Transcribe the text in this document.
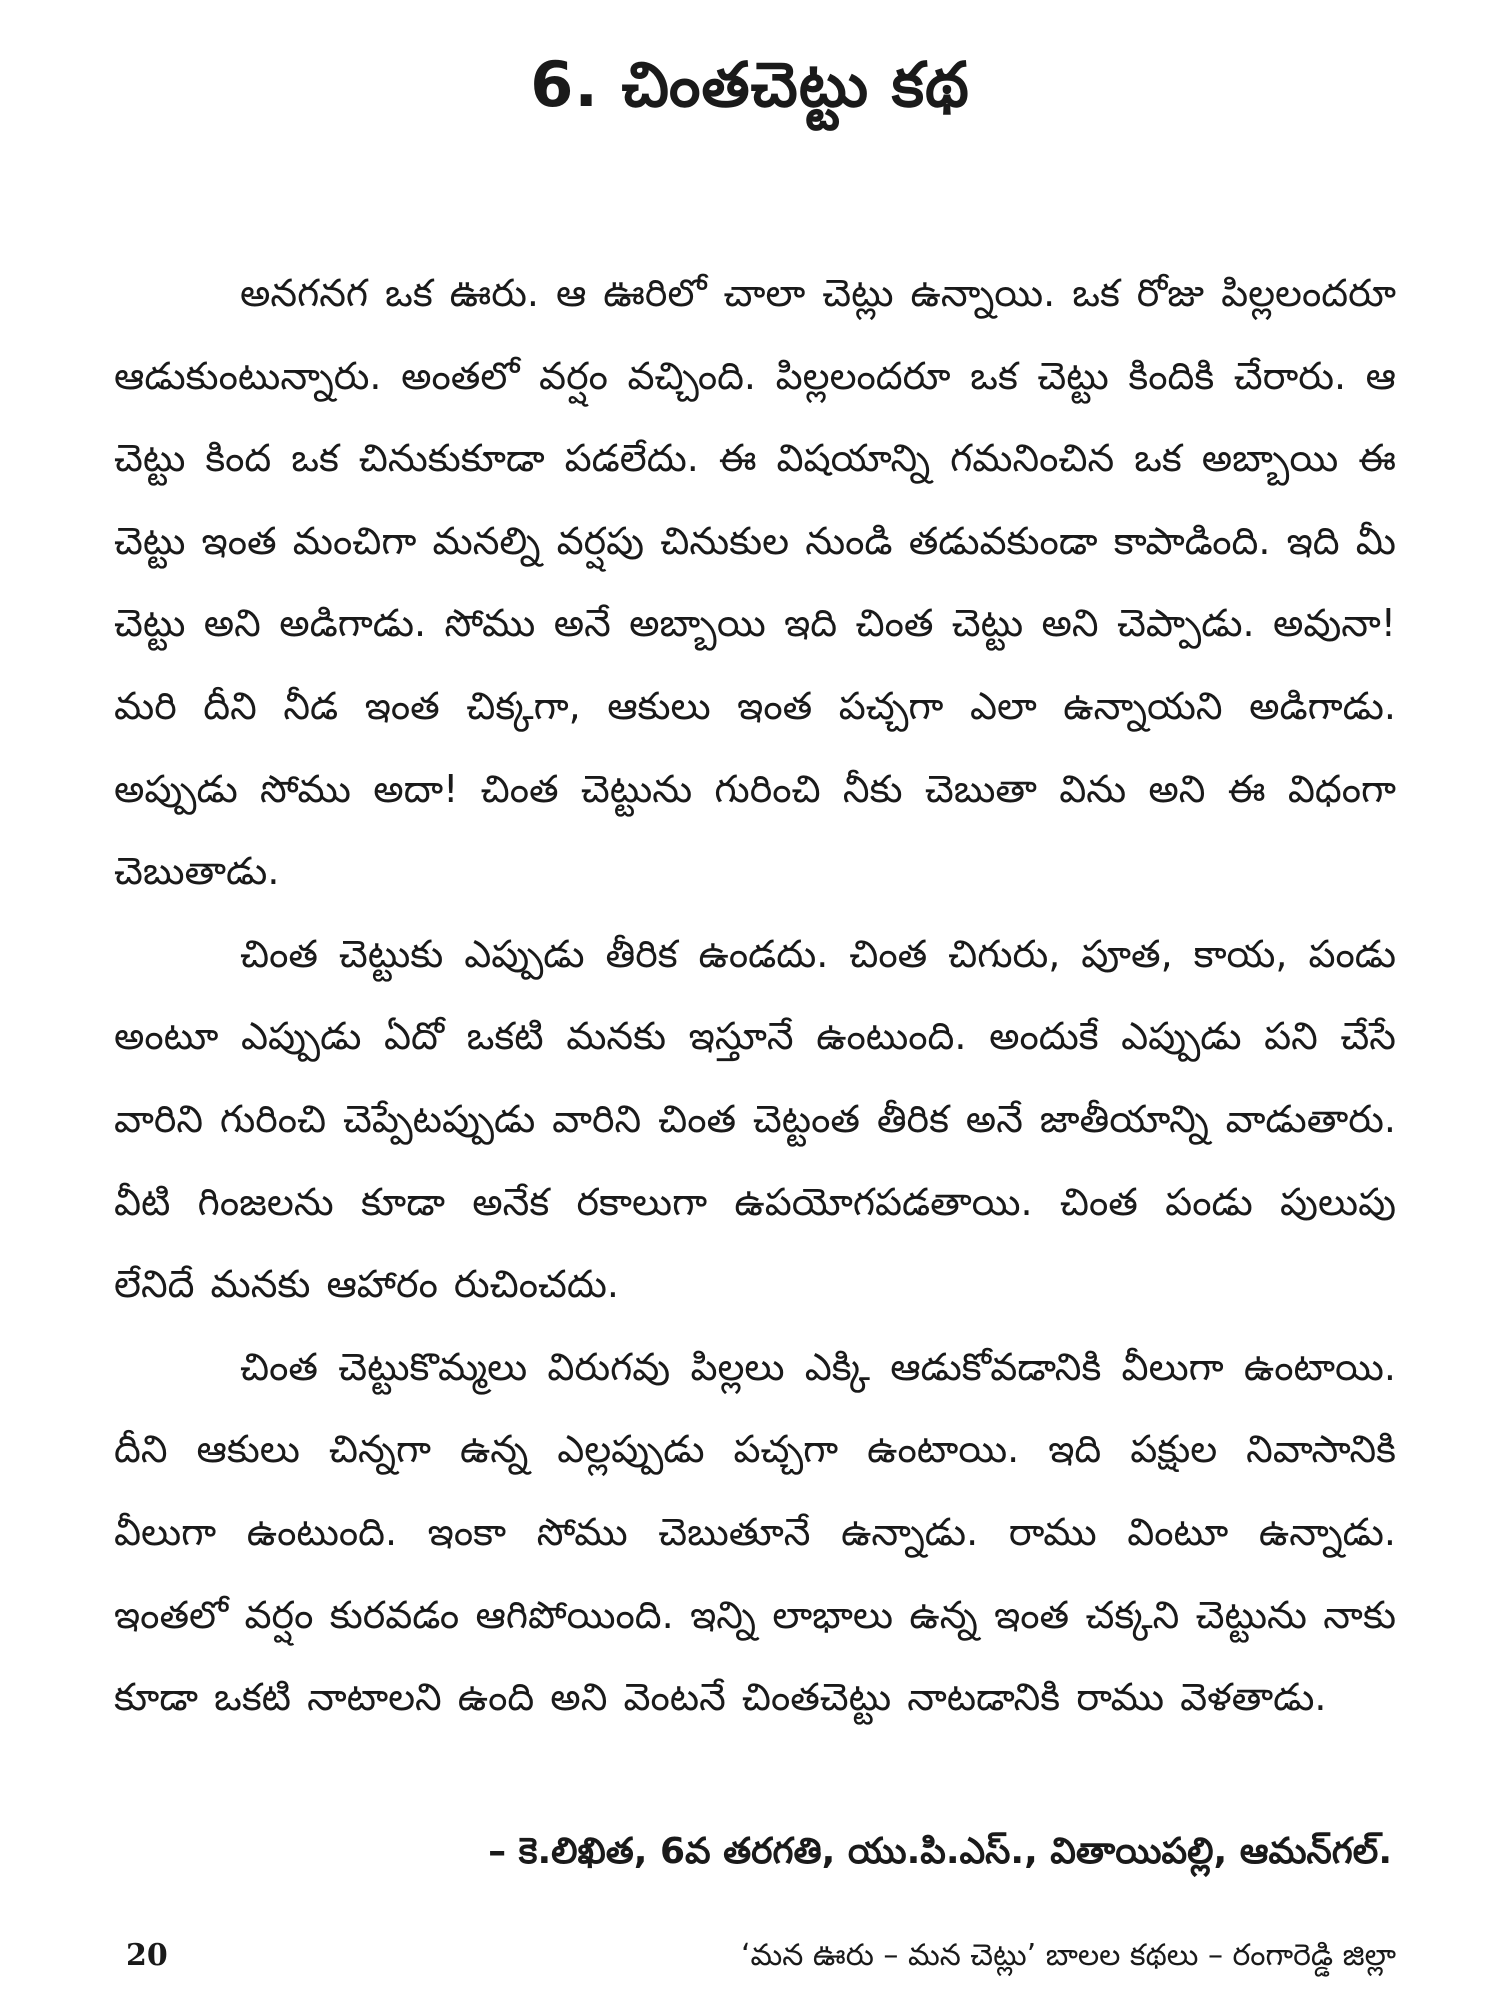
6. చింతచెట్టు కథ

అనగనగ ఒక ఊరు. ఆ ఊరిలో చాలా చెట్లు ఉన్నాయి. ఒక రోజు పిల్లలందరూ ఆడుకుంటున్నారు. అంతలో వర్షం వచ్చింది. పిల్లలందరూ ఒక చెట్టు కిందికి చేరారు. ఆ చెట్టు కింద ఒక చినుకుకూడా పడలేదు. ఈ విషయాన్ని గమనించిన ఒక అబ్బాయి ఈ చెట్టు ఇంత మంచిగా మనల్ని వర్షపు చినుకుల నుండి తడువకుండా కాపాడింది. ఇది మీ చెట్టు అని అడిగాడు. సోము అనే అబ్బాయి ఇది చింత చెట్టు అని చెప్పాడు. అవునా! మరి దీని నీడ ఇంత చిక్కగా, ఆకులు ఇంత పచ్చగా ఎలా ఉన్నాయని అడిగాడు. అప్పుడు సోము అదా! చింత చెట్టును గురించి నీకు చెబుతా విను అని ఈ విధంగా చెబుతాడు.

చింత చెట్టుకు ఎప్పుడు తీరిక ఉండదు. చింత చిగురు, పూత, కాయ, పండు అంటూ ఎప్పుడు ఏదో ఒకటి మనకు ఇస్తూనే ఉంటుంది. అందుకే ఎప్పుడు పని చేసే వారిని గురించి చెప్పేటప్పుడు వారిని చింత చెట్టంత తీరిక అనే జాతీయాన్ని వాడుతారు. వీటి గింజలను కూడా అనేక రకాలుగా ఉపయోగపడతాయి. చింత పండు పులుపు లేనిదే మనకు ఆహారం రుచించదు.

చింత చెట్టుకొమ్మలు విరుగవు పిల్లలు ఎక్కి ఆడుకోవడానికి వీలుగా ఉంటాయి. దీని ఆకులు చిన్నగా ఉన్న ఎల్లప్పుడు పచ్చగా ఉంటాయి. ఇది పక్షుల నివాసానికి వీలుగా ఉంటుంది. ఇంకా సోము చెబుతూనే ఉన్నాడు. రాము వింటూ ఉన్నాడు. ఇంతలో వర్షం కురవడం ఆగిపోయింది. ఇన్ని లాభాలు ఉన్న ఇంత చక్కని చెట్టును నాకు కూడా ఒకటి నాటాలని ఉంది అని వెంటనే చింతచెట్టు నాటడానికి రాము వెళతాడు.

– కె.లిఖిత, 6వ తరగతి, యు.పి.ఎస్., వితాయిపల్లి, ఆమన్‌గల్.

20	‘మన ఊరు – మన చెట్లు’ బాలల కథలు – రంగారెడ్డి జిల్లా
